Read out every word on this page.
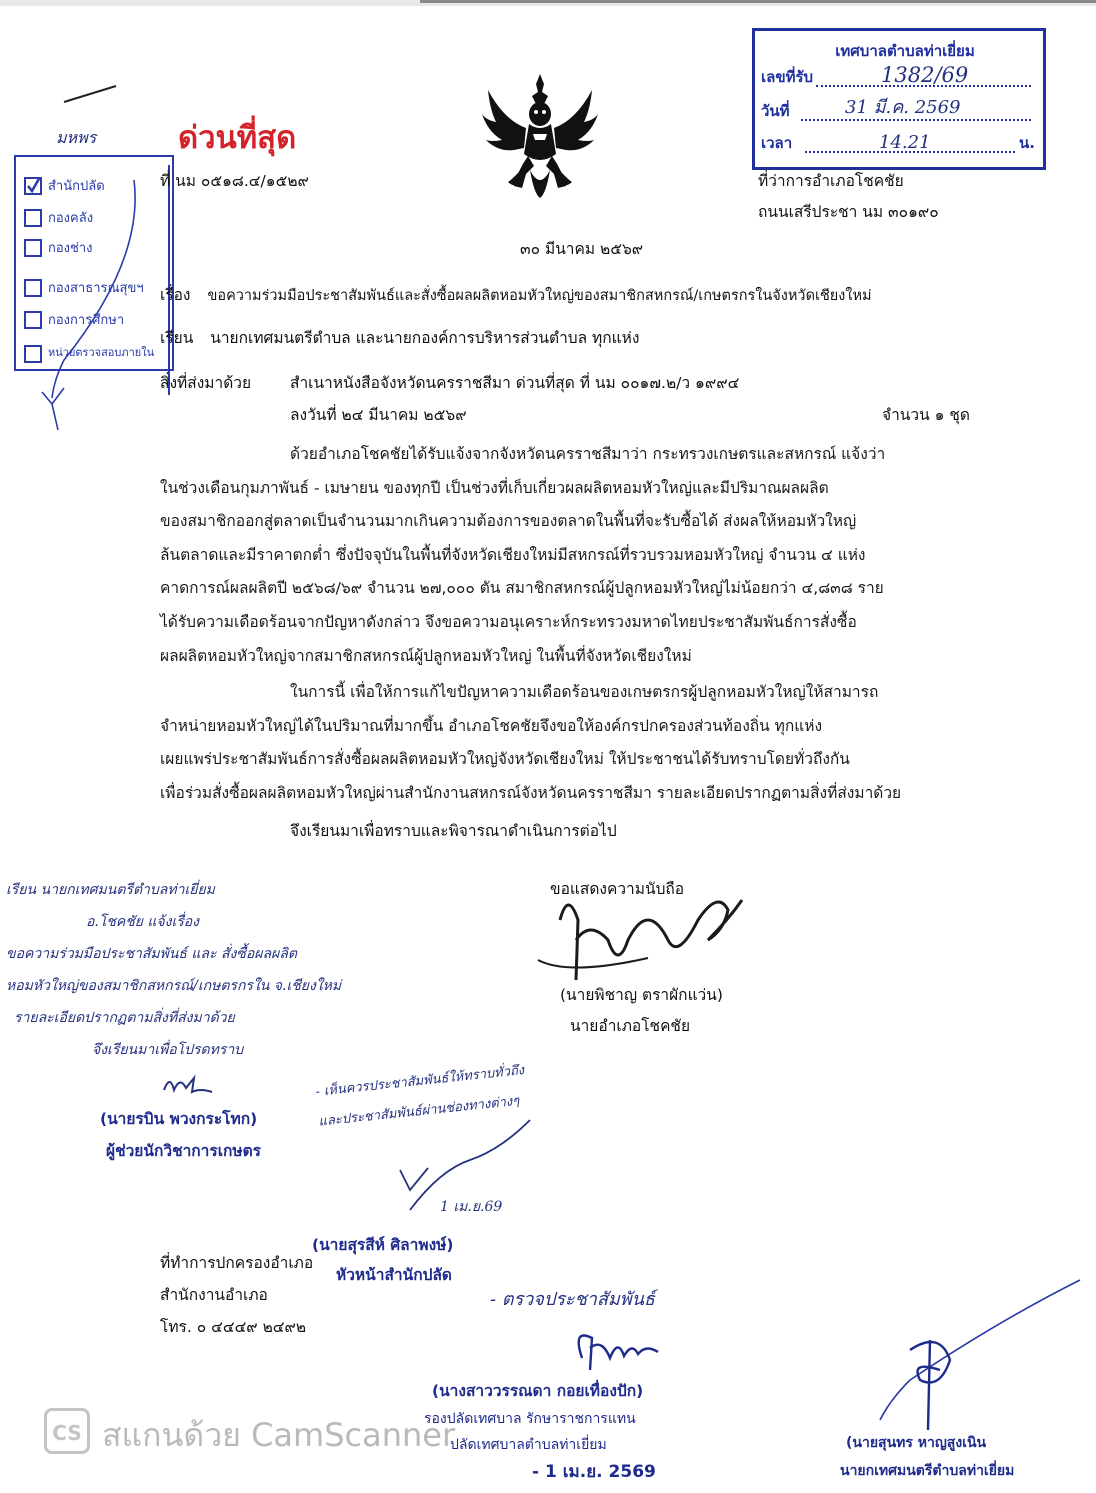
เทศบาลตำบลท่าเยี่ยม
เลขที่รับ	1382/69
วันที่	31 มี.ค. 2569
เวลา	14.21	น.
ด่วนที่สุด
มหพร
สำนักปลัด
กองคลัง
กองช่าง
กองสาธารณสุขฯ
กองการศึกษา
หน่วยตรวจสอบภายใน
ที่ นม ๐๕๑๘.๔/๑๕๒๙	ที่ว่าการอำเภอโชคชัย
ถนนเสรีประชา นม ๓๐๑๙๐
๓๐ มีนาคม ๒๕๖๙
เรื่อง ขอความร่วมมือประชาสัมพันธ์และสั่งซื้อผลผลิตหอมหัวใหญ่ของสมาชิกสหกรณ์/เกษตรกรในจังหวัดเชียงใหม่
เรียน นายกเทศมนตรีตำบล และนายกองค์การบริหารส่วนตำบล ทุกแห่ง
สิ่งที่ส่งมาด้วย	สำเนาหนังสือจังหวัดนครราชสีมา ด่วนที่สุด ที่ นม ๐๐๑๗.๒/ว ๑๙๙๔
ลงวันที่ ๒๔ มีนาคม ๒๕๖๙	จำนวน ๑ ชุด
ด้วยอำเภอโชคชัยได้รับแจ้งจากจังหวัดนครราชสีมาว่า กระทรวงเกษตรและสหกรณ์ แจ้งว่า
ในช่วงเดือนกุมภาพันธ์ - เมษายน ของทุกปี เป็นช่วงที่เก็บเกี่ยวผลผลิตหอมหัวใหญ่และมีปริมาณผลผลิต
ของสมาชิกออกสู่ตลาดเป็นจำนวนมากเกินความต้องการของตลาดในพื้นที่จะรับซื้อได้ ส่งผลให้หอมหัวใหญ่
ล้นตลาดและมีราคาตกต่ำ ซึ่งปัจจุบันในพื้นที่จังหวัดเชียงใหม่มีสหกรณ์ที่รวบรวมหอมหัวใหญ่ จำนวน ๔ แห่ง
คาดการณ์ผลผลิตปี ๒๕๖๘/๖๙ จำนวน ๒๗,๐๐๐ ตัน สมาชิกสหกรณ์ผู้ปลูกหอมหัวใหญ่ไม่น้อยกว่า ๔,๘๓๘ ราย
ได้รับความเดือดร้อนจากปัญหาดังกล่าว จึงขอความอนุเคราะห์กระทรวงมหาดไทยประชาสัมพันธ์การสั่งซื้อ
ผลผลิตหอมหัวใหญ่จากสมาชิกสหกรณ์ผู้ปลูกหอมหัวใหญ่ ในพื้นที่จังหวัดเชียงใหม่
ในการนี้ เพื่อให้การแก้ไขปัญหาความเดือดร้อนของเกษตรกรผู้ปลูกหอมหัวใหญ่ให้สามารถ
จำหน่ายหอมหัวใหญ่ได้ในปริมาณที่มากขึ้น อำเภอโชคชัยจึงขอให้องค์กรปกครองส่วนท้องถิ่น ทุกแห่ง
เผยแพร่ประชาสัมพันธ์การสั่งซื้อผลผลิตหอมหัวใหญ่จังหวัดเชียงใหม่ ให้ประชาชนได้รับทราบโดยทั่วถึงกัน
เพื่อร่วมสั่งซื้อผลผลิตหอมหัวใหญ่ผ่านสำนักงานสหกรณ์จังหวัดนครราชสีมา รายละเอียดปรากฏตามสิ่งที่ส่งมาด้วย
จึงเรียนมาเพื่อทราบและพิจารณาดำเนินการต่อไป
ขอแสดงความนับถือ
(นายพิชาญ ตราผักแว่น)
นายอำเภอโชคชัย
เรียน นายกเทศมนตรีตำบลท่าเยี่ยม
อ.โชคชัย แจ้งเรื่อง
ขอความร่วมมือประชาสัมพันธ์ และ สั่งซื้อผลผลิต
หอมหัวใหญ่ของสมาชิกสหกรณ์/เกษตรกรใน จ.เชียงใหม่
รายละเอียดปรากฏตามสิ่งที่ส่งมาด้วย
จึงเรียนมาเพื่อโปรดทราบ
(นายรบิน พวงกระโทก)
ผู้ช่วยนักวิชาการเกษตร
- เห็นควรประชาสัมพันธ์ให้ทราบทั่วถึง
และประชาสัมพันธ์ผ่านช่องทางต่างๆ
1 เม.ย.69
(นายสุรสีห์ ศิลาพงษ์)
หัวหน้าสำนักปลัด
ที่ทำการปกครองอำเภอ
สำนักงานอำเภอ
โทร. ๐ ๔๔๔๙ ๒๔๙๒
- ตรวจประชาสัมพันธ์
(นางสาววรรณดา กอยเทื่องปัก)
รองปลัดเทศบาล รักษาราชการแทน
ปลัดเทศบาลตำบลท่าเยี่ยม
- 1 เม.ย. 2569
(นายสุนทร หาญสูงเนิน
นายกเทศมนตรีตำบลท่าเยี่ยม
CS สแกนด้วย CamScanner
